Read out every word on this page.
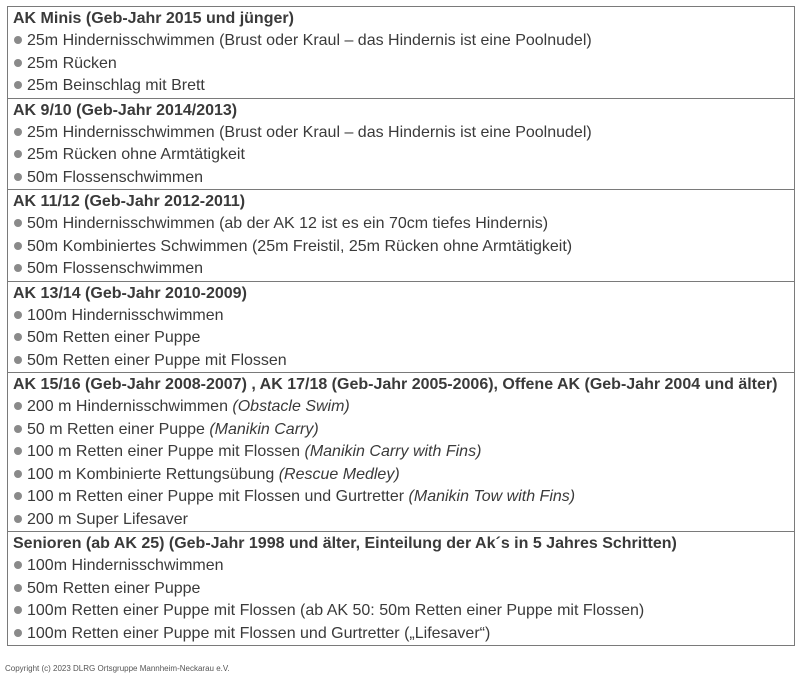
AK Minis (Geb-Jahr 2015 und jünger)
25m Hindernisschwimmen (Brust oder Kraul – das Hindernis ist eine Poolnudel)
25m Rücken
25m Beinschlag mit Brett
AK 9/10 (Geb-Jahr 2014/2013)
25m Hindernisschwimmen (Brust oder Kraul – das Hindernis ist eine Poolnudel)
25m Rücken ohne Armtätigkeit
50m Flossenschwimmen
AK 11/12 (Geb-Jahr 2012-2011)
50m Hindernisschwimmen (ab der AK 12 ist es ein 70cm tiefes Hindernis)
50m Kombiniertes Schwimmen (25m Freistil, 25m Rücken ohne Armtätigkeit)
50m Flossenschwimmen
AK 13/14 (Geb-Jahr 2010-2009)
100m Hindernisschwimmen
50m Retten einer Puppe
50m Retten einer Puppe mit Flossen
AK 15/16 (Geb-Jahr 2008-2007) , AK 17/18 (Geb-Jahr 2005-2006), Offene AK (Geb-Jahr 2004 und älter)
200 m Hindernisschwimmen (Obstacle Swim)
50 m Retten einer Puppe (Manikin Carry)
100 m Retten einer Puppe mit Flossen (Manikin Carry with Fins)
100 m Kombinierte Rettungsübung (Rescue Medley)
100 m Retten einer Puppe mit Flossen und Gurtretter (Manikin Tow with Fins)
200 m Super Lifesaver
Senioren (ab AK 25) (Geb-Jahr 1998 und älter, Einteilung der Ak´s in 5 Jahres Schritten)
100m Hindernisschwimmen
50m Retten einer Puppe
100m Retten einer Puppe mit Flossen (ab AK 50: 50m Retten einer Puppe mit Flossen)
100m Retten einer Puppe mit Flossen und Gurtretter („Lifesaver“)
Copyright (c) 2023 DLRG Ortsgruppe Mannheim-Neckarau e.V.
